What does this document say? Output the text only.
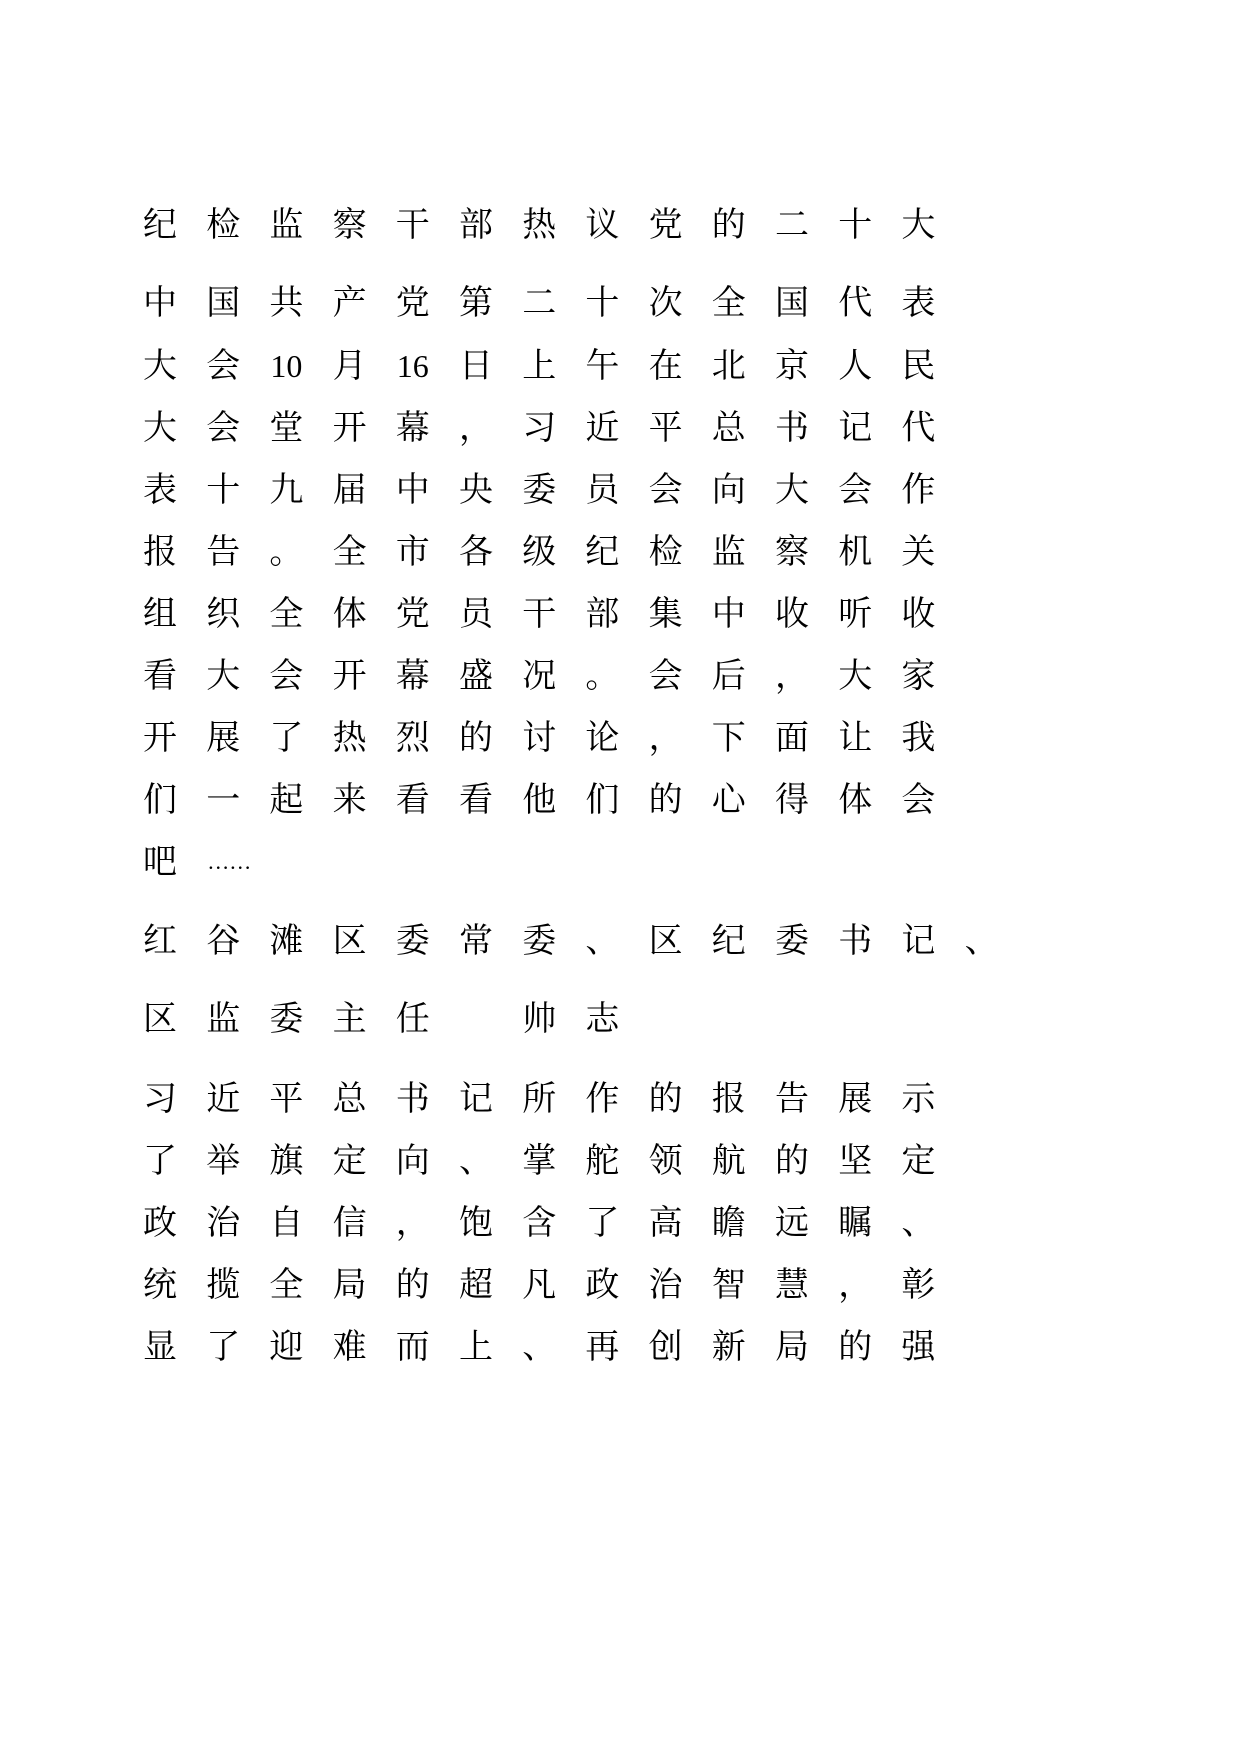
纪 检 监 察 干 部 热 议 党 的 二 十 大
中 国 共 产 党 第 二 十 次 全 国 代 表
大 会 10 月 16 日 上 午 在 北 京 人 民
大 会 堂 开 幕 ， 习 近 平 总 书 记 代
表 十 九 届 中 央 委 员 会 向 大 会 作
报 告 。 全 市 各 级 纪 检 监 察 机 关
组 织 全 体 党 员 干 部 集 中 收 听 收
看 大 会 开 幕 盛 况 。 会 后 ， 大 家
开 展 了 热 烈 的 讨 论 ， 下 面 让 我
们 一 起 来 看 看 他 们 的 心 得 体 会
吧 ……
红 谷 滩 区 委 常 委 、 区 纪 委 书 记 、
区 监 委 主 任	帅 志
习 近 平 总 书 记 所 作 的 报 告 展 示
了 举 旗 定 向 、 掌 舵 领 航 的 坚 定
政 治 自 信 ， 饱 含 了 高 瞻 远 瞩 、
统 揽 全 局 的 超 凡 政 治 智 慧 ， 彰
显 了 迎 难 而 上 、 再 创 新 局 的 强
